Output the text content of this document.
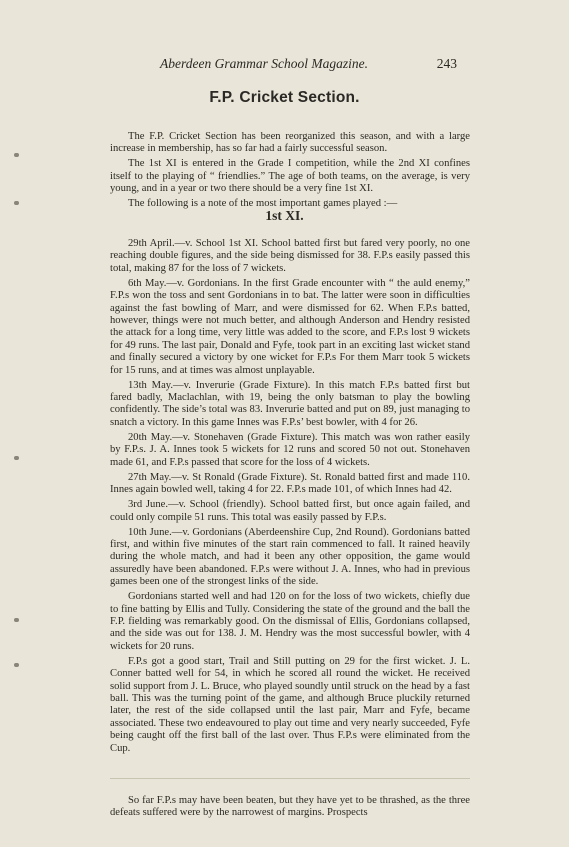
Aberdeen Grammar School Magazine.	243
F.P. Cricket Section.

The F.P. Cricket Section has been reorganized this season, and with a large increase in membership, has so far had a fairly successful season.

The 1st XI is entered in the Grade I competition, while the 2nd XI confines itself to the playing of “ friendlies.” The age of both teams, on the average, is very young, and in a year or two there should be a very fine 1st XI.

The following is a note of the most important games played :—

1st XI.

29th April.—v. School 1st XI. School batted first but fared very poorly, no one reaching double figures, and the side being dismissed for 38. F.P.s easily passed this total, making 87 for the loss of 7 wickets.

6th May.—v. Gordonians. In the first Grade encounter with “ the auld enemy,” F.P.s won the toss and sent Gordonians in to bat. The latter were soon in difficulties against the fast bowling of Marr, and were dismissed for 62. When F.P.s batted, however, things were not much better, and although Anderson and Hendry resisted the attack for a long time, very little was added to the score, and F.P.s lost 9 wickets for 49 runs. The last pair, Donald and Fyfe, took part in an exciting last wicket stand and finally secured a victory by one wicket for F.P.s For them Marr took 5 wickets for 15 runs, and at times was almost unplayable.

13th May.—v. Inverurie (Grade Fixture). In this match F.P.s batted first but fared badly, Maclachlan, with 19, being the only batsman to play the bowling confidently. The side’s total was 83. Inverurie batted and put on 89, just managing to snatch a victory. In this game Innes was F.P.s’ best bowler, with 4 for 26.

20th May.—v. Stonehaven (Grade Fixture). This match was won rather easily by F.P.s. J. A. Innes took 5 wickets for 12 runs and scored 50 not out. Stonehaven made 61, and F.P.s passed that score for the loss of 4 wickets.

27th May.—v. St Ronald (Grade Fixture). St. Ronald batted first and made 110. Innes again bowled well, taking 4 for 22. F.P.s made 101, of which Innes had 42.

3rd June.—v. School (friendly). School batted first, but once again failed, and could only compile 51 runs. This total was easily passed by F.P.s.

10th June.—v. Gordonians (Aberdeenshire Cup, 2nd Round). Gordonians batted first, and within five minutes of the start rain commenced to fall. It rained heavily during the whole match, and had it been any other opposition, the game would assuredly have been abandoned. F.P.s were without J. A. Innes, who had in previous games been one of the strongest links of the side.

Gordonians started well and had 120 on for the loss of two wickets, chiefly due to fine batting by Ellis and Tully. Considering the state of the ground and the ball the F.P. fielding was remarkably good. On the dismissal of Ellis, Gordonians collapsed, and the side was out for 138. J. M. Hendry was the most successful bowler, with 4 wickets for 20 runs.

F.P.s got a good start, Trail and Still putting on 29 for the first wicket. J. L. Conner batted well for 54, in which he scored all round the wicket. He received solid support from J. L. Bruce, who played soundly until struck on the head by a fast ball. This was the turning point of the game, and although Bruce pluckily returned later, the rest of the side collapsed until the last pair, Marr and Fyfe, became associated. These two endeavoured to play out time and very nearly succeeded, Fyfe being caught off the first ball of the last over. Thus F.P.s were eliminated from the Cup.

So far F.P.s may have been beaten, but they have yet to be thrashed, as the three defeats suffered were by the narrowest of margins. Prospects
